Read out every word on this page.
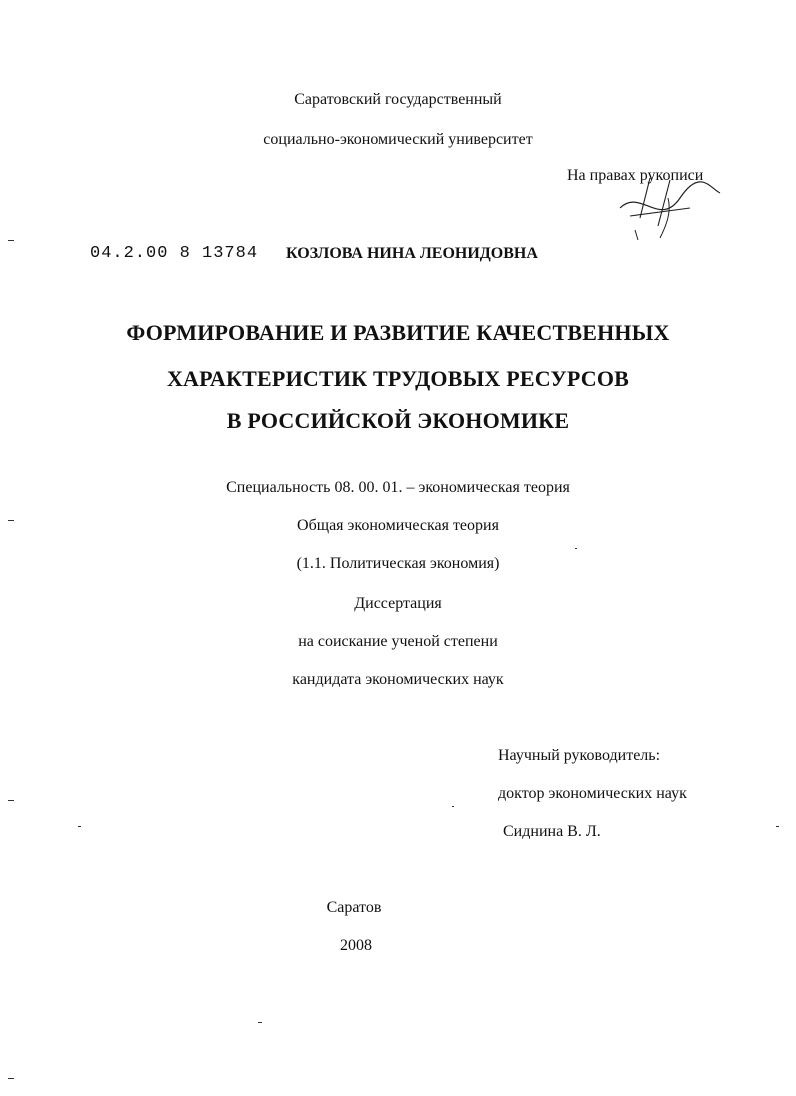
Саратовский государственный
социально-экономический университет
На правах рукописи
04.2.00 8 13784 КОЗЛОВА НИНА ЛЕОНИДОВНА
ФОРМИРОВАНИЕ И РАЗВИТИЕ КАЧЕСТВЕННЫХ
ХАРАКТЕРИСТИК ТРУДОВЫХ РЕСУРСОВ
В РОССИЙСКОЙ ЭКОНОМИКЕ
Специальность 08. 00. 01. – экономическая теория
Общая экономическая теория
(1.1. Политическая экономия)
Диссертация
на соискание ученой степени
кандидата экономических наук
Научный руководитель:
доктор экономических наук
Сиднина В. Л.
Саратов
2008
